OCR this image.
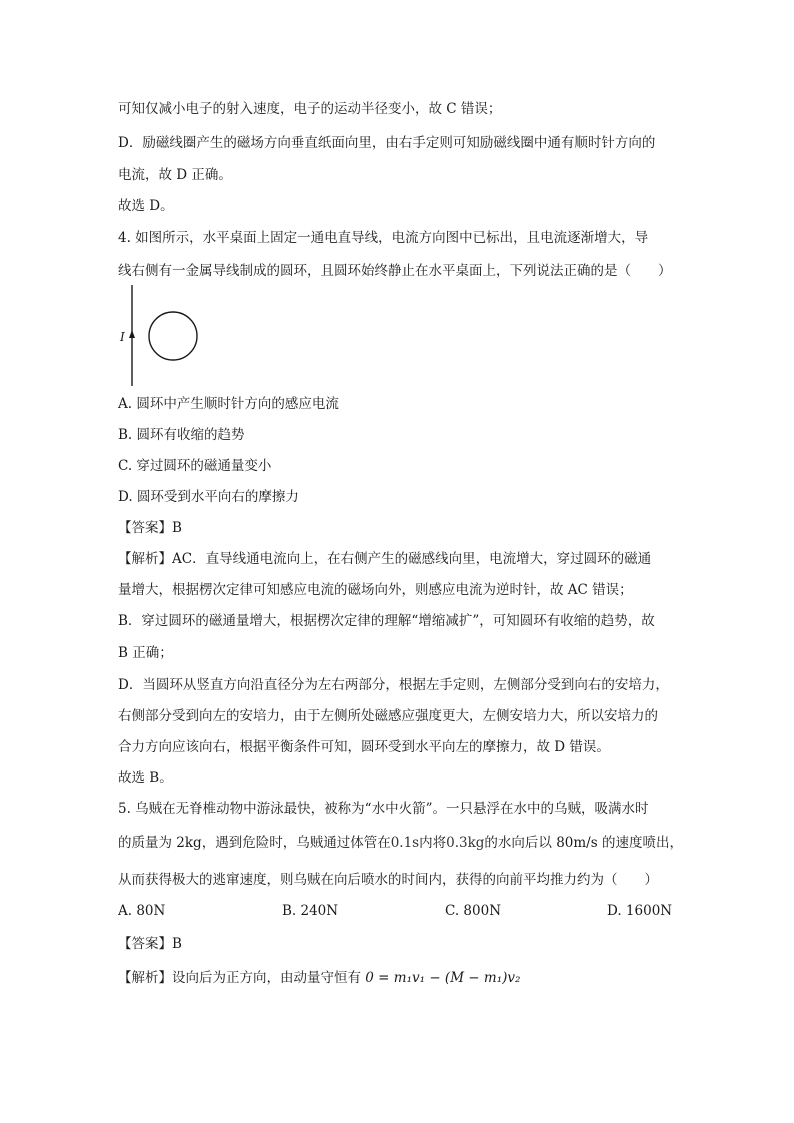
可知仅减小电子的射入速度，电子的运动半径变小，故 C 错误；
D．励磁线圈产生的磁场方向垂直纸面向里，由右手定则可知励磁线圈中通有顺时针方向的
电流，故 D 正确。
故选 D。
4. 如图所示，水平桌面上固定一通电直导线，电流方向图中已标出，且电流逐渐增大，导
线右侧有一金属导线制成的圆环，且圆环始终静止在水平桌面上，下列说法正确的是（　　）
I
A. 圆环中产生顺时针方向的感应电流
B. 圆环有收缩的趋势
C. 穿过圆环的磁通量变小
D. 圆环受到水平向右的摩擦力
【答案】B
【解析】AC．直导线通电流向上，在右侧产生的磁感线向里，电流增大，穿过圆环的磁通
量增大，根据楞次定律可知感应电流的磁场向外，则感应电流为逆时针，故 AC 错误；
B．穿过圆环的磁通量增大，根据楞次定律的理解“增缩减扩”，可知圆环有收缩的趋势，故
B 正确；
D．当圆环从竖直方向沿直径分为左右两部分，根据左手定则，左侧部分受到向右的安培力，
右侧部分受到向左的安培力，由于左侧所处磁感应强度更大，左侧安培力大，所以安培力的
合力方向应该向右，根据平衡条件可知，圆环受到水平向左的摩擦力，故 D 错误。
故选 B。
5. 乌贼在无脊椎动物中游泳最快，被称为“水中火箭”。一只悬浮在水中的乌贼，吸满水时
的质量为 2kg，遇到危险时，乌贼通过体管在0.1s内将0.3kg的水向后以 80m/s 的速度喷出，
从而获得极大的逃窜速度，则乌贼在向后喷水的时间内，获得的向前平均推力约为（　　）
A. 80N	B. 240N	C. 800N	D. 1600N
【答案】B
【解析】设向后为正方向，由动量守恒有 0 = m₁v₁ − (M − m₁)v₂
